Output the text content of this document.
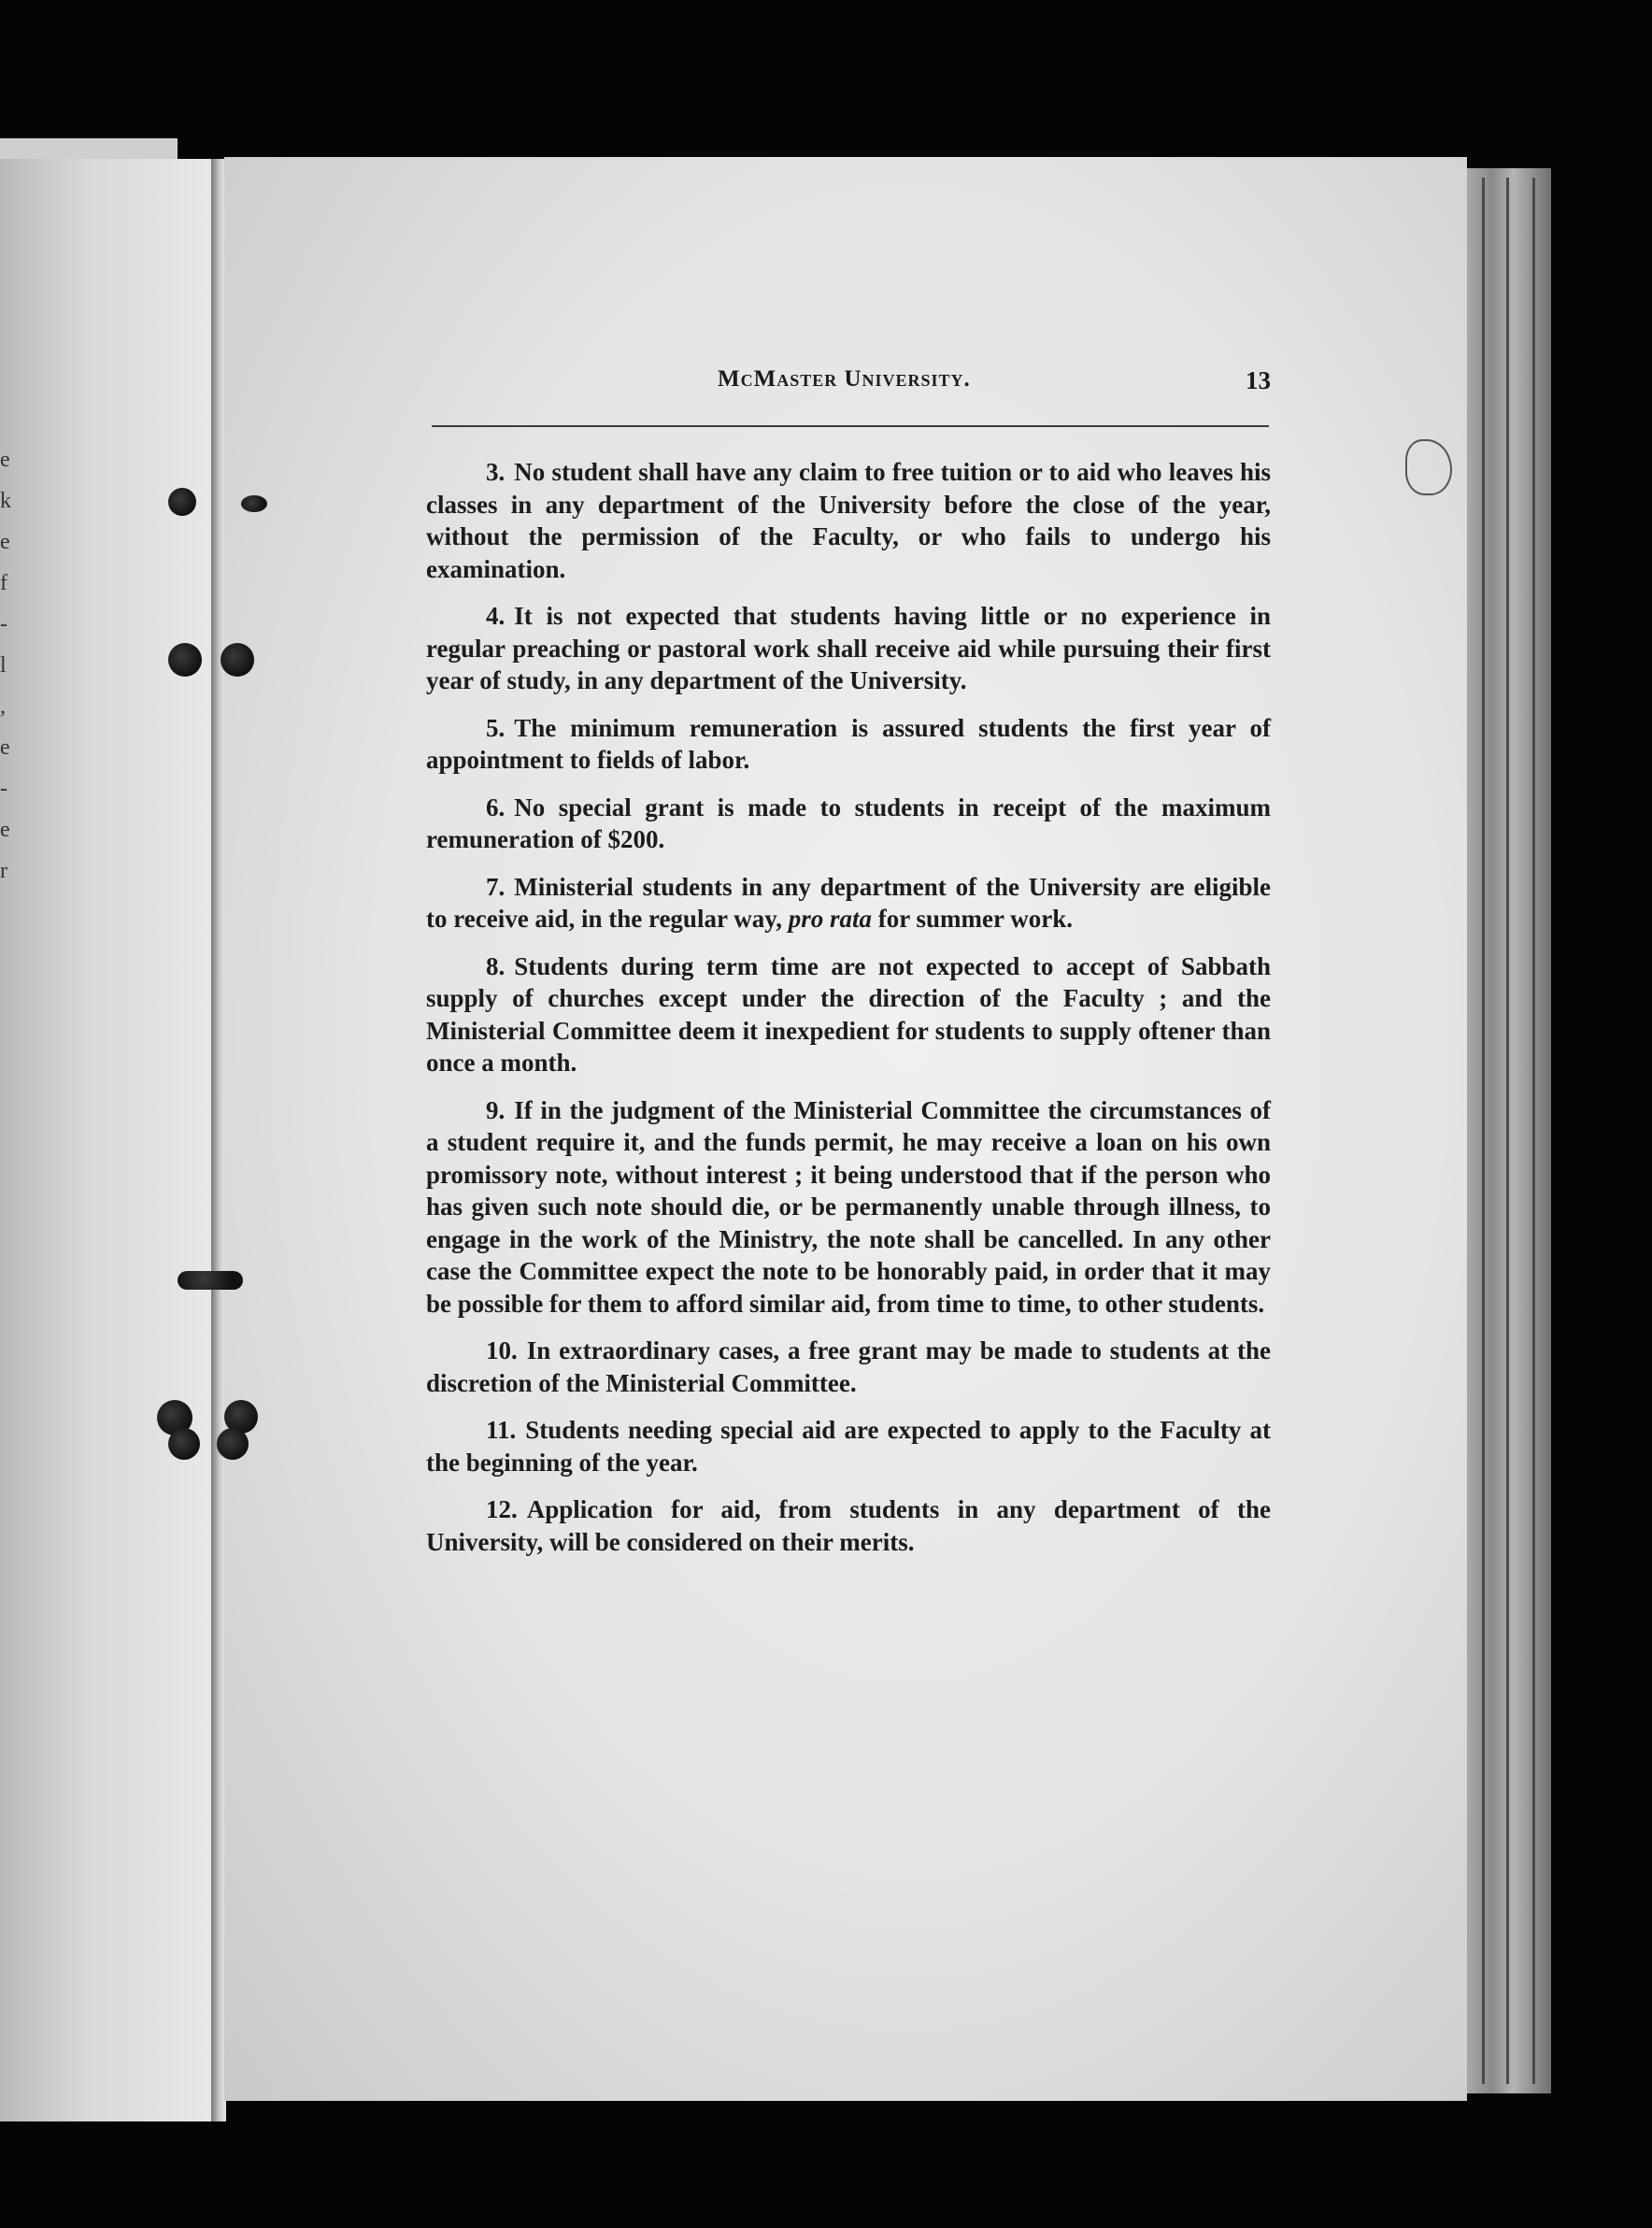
e
k
e
f
-
l
,
e
-
e
r
McMaster University.	13

3. No student shall have any claim to free tuition or to aid who leaves his classes in any department of the University before the close of the year, without the permission of the Faculty, or who fails to undergo his examination.

4. It is not expected that students having little or no experience in regular preaching or pastoral work shall receive aid while pursuing their first year of study, in any department of the University.

5. The minimum remuneration is assured students the first year of appointment to fields of labor.

6. No special grant is made to students in receipt of the maximum remuneration of $200.

7. Ministerial students in any department of the University are eligible to receive aid, in the regular way, pro rata for summer work.

8. Students during term time are not expected to accept of Sabbath supply of churches except under the direction of the Faculty ; and the Ministerial Committee deem it inexpedient for students to supply oftener than once a month.

9. If in the judgment of the Ministerial Committee the circumstances of a student require it, and the funds permit, he may receive a loan on his own promissory note, without interest ; it being understood that if the person who has given such note should die, or be permanently unable through illness, to engage in the work of the Ministry, the note shall be cancelled. In any other case the Committee expect the note to be honorably paid, in order that it may be possible for them to afford similar aid, from time to time, to other students.

10. In extraordinary cases, a free grant may be made to students at the discretion of the Ministerial Committee.

11. Students needing special aid are expected to apply to the Faculty at the beginning of the year.

12. Application for aid, from students in any department of the University, will be considered on their merits.
